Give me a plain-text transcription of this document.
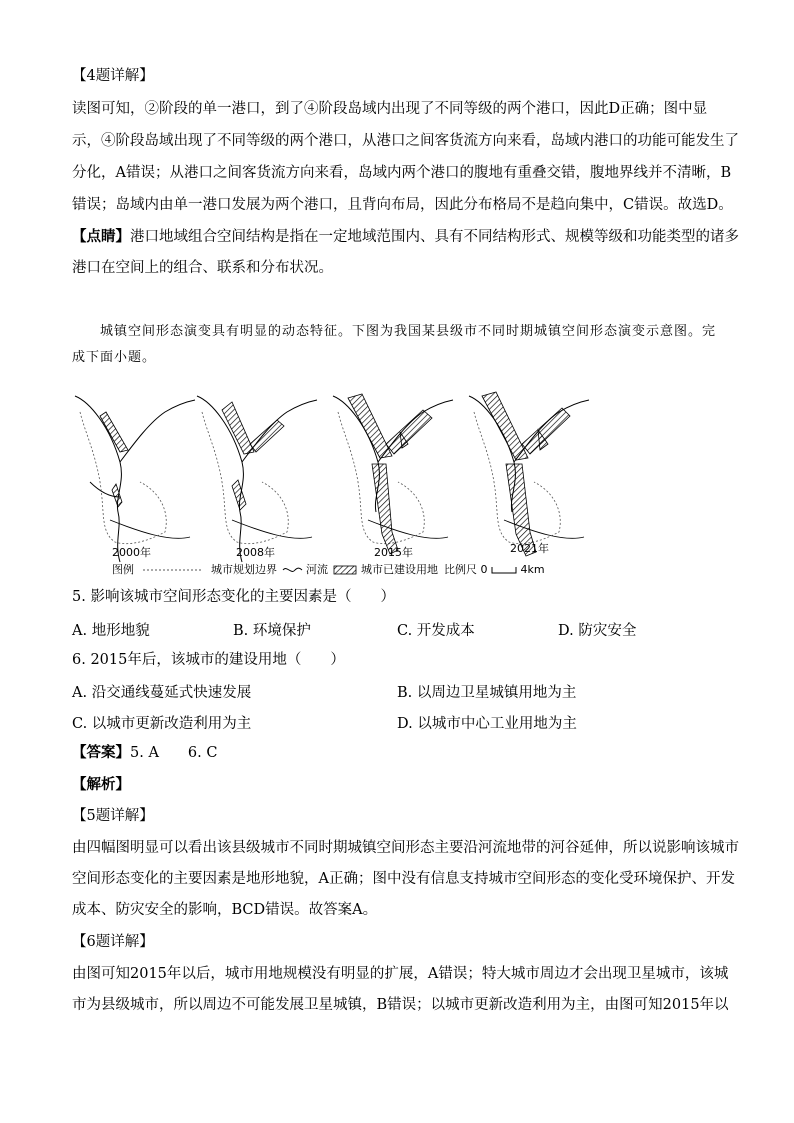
【4题详解】
读图可知，②阶段的单一港口，到了④阶段岛域内出现了不同等级的两个港口，因此D正确；图中显
示，④阶段岛域出现了不同等级的两个港口，从港口之间客货流方向来看，岛域内港口的功能可能发生了
分化，A错误；从港口之间客货流方向来看，岛域内两个港口的腹地有重叠交错，腹地界线并不清晰，B
错误；岛域内由单一港口发展为两个港口，且背向布局，因此分布格局不是趋向集中，C错误。故选D。
【点睛】港口地域组合空间结构是指在一定地域范围内、具有不同结构形式、规模等级和功能类型的诸多
港口在空间上的组合、联系和分布状况。
城镇空间形态演变具有明显的动态特征。下图为我国某县级市不同时期城镇空间形态演变示意图。完
成下面小题。
2000年	2008年	2015年	2021年
图例	城市规划边界	河流	城市已建设用地 比例尺 0	4km
5. 影响该城市空间形态变化的主要因素是（　　）
A. 地形地貌	B. 环境保护	C. 开发成本	D. 防灾安全
6. 2015年后，该城市的建设用地（　　）
A. 沿交通线蔓延式快速发展	B. 以周边卫星城镇用地为主
C. 以城市更新改造利用为主	D. 以城市中心工业用地为主
【答案】5. A　　6. C
【解析】
【5题详解】
由四幅图明显可以看出该县级城市不同时期城镇空间形态主要沿河流地带的河谷延伸，所以说影响该城市
空间形态变化的主要因素是地形地貌，A正确；图中没有信息支持城市空间形态的变化受环境保护、开发
成本、防灾安全的影响，BCD错误。故答案A。
【6题详解】
由图可知2015年以后，城市用地规模没有明显的扩展，A错误；特大城市周边才会出现卫星城市，该城
市为县级城市，所以周边不可能发展卫星城镇，B错误；以城市更新改造利用为主，由图可知2015年以
